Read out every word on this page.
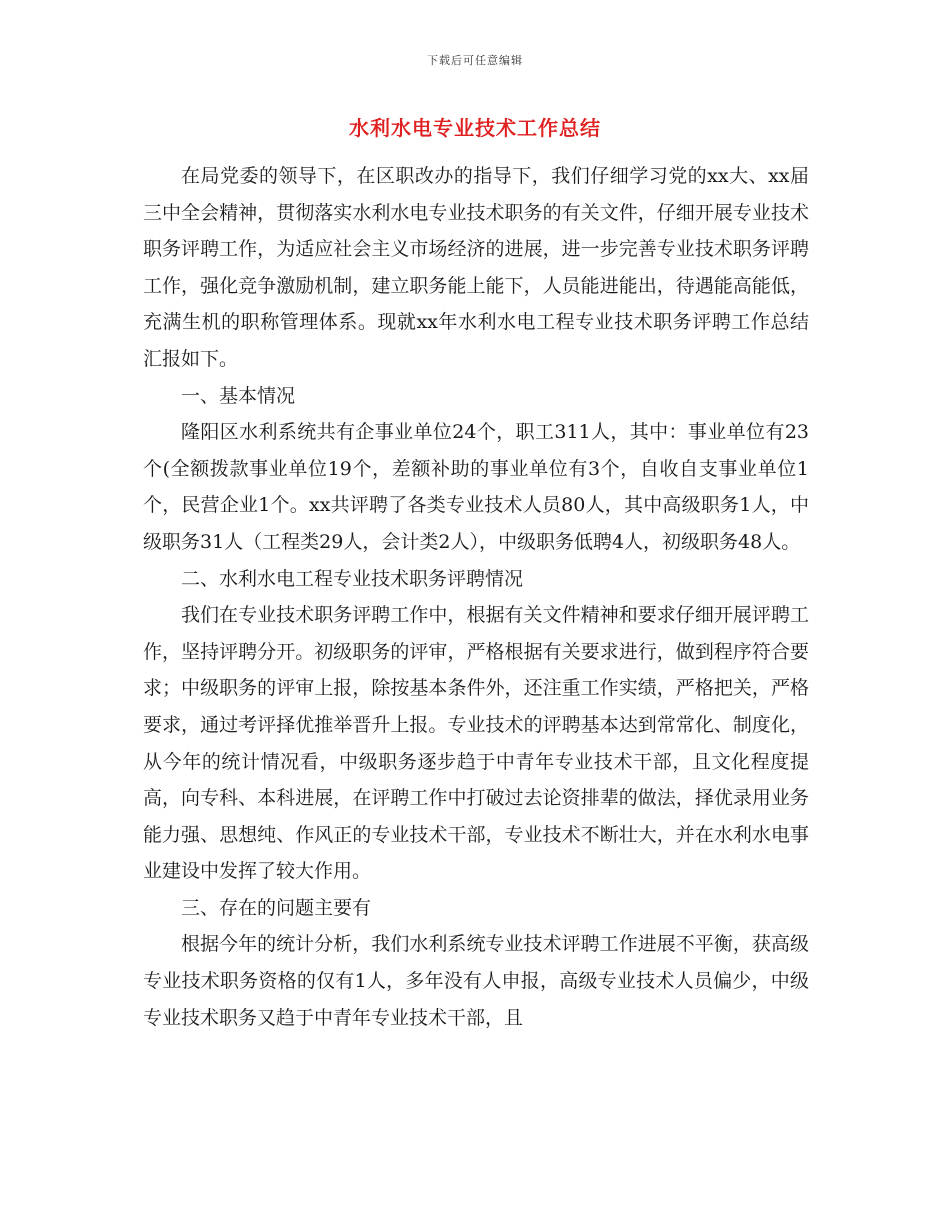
下载后可任意编辑
水利水电专业技术工作总结

在局党委的领导下，在区职改办的指导下，我们仔细学习党的xx大、xx届三中全会精神，贯彻落实水利水电专业技术职务的有关文件，仔细开展专业技术职务评聘工作，为适应社会主义市场经济的进展，进一步完善专业技术职务评聘工作，强化竞争激励机制，建立职务能上能下，人员能进能出，待遇能高能低，充满生机的职称管理体系。现就xx年水利水电工程专业技术职务评聘工作总结汇报如下。

一、基本情况

隆阳区水利系统共有企事业单位24个，职工311人，其中：事业单位有23个(全额拨款事业单位19个，差额补助的事业单位有3个，自收自支事业单位1个，民营企业1个。xx共评聘了各类专业技术人员80人，其中高级职务1人，中级职务31人（工程类29人，会计类2人），中级职务低聘4人，初级职务48人。

二、水利水电工程专业技术职务评聘情况

我们在专业技术职务评聘工作中，根据有关文件精神和要求仔细开展评聘工作，坚持评聘分开。初级职务的评审，严格根据有关要求进行，做到程序符合要求；中级职务的评审上报，除按基本条件外，还注重工作实绩，严格把关，严格要求，通过考评择优推举晋升上报。专业技术的评聘基本达到常常化、制度化，从今年的统计情况看，中级职务逐步趋于中青年专业技术干部，且文化程度提高，向专科、本科进展，在评聘工作中打破过去论资排辈的做法，择优录用业务能力强、思想纯、作风正的专业技术干部，专业技术不断壮大，并在水利水电事业建设中发挥了较大作用。

三、存在的问题主要有

根据今年的统计分析，我们水利系统专业技术评聘工作进展不平衡，获高级专业技术职务资格的仅有1人，多年没有人申报，高级专业技术人员偏少，中级专业技术职务又趋于中青年专业技术干部，且
